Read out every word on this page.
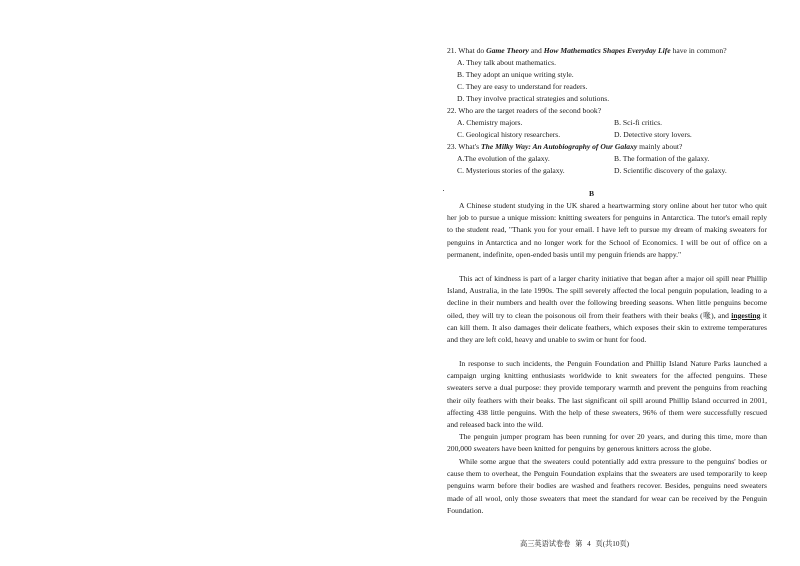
21. What do Game Theory and How Mathematics Shapes Everyday Life have in common?
A. They talk about mathematics.
B. They adopt an unique writing style.
C. They are easy to understand for readers.
D. They involve practical strategies and solutions.
22. Who are the target readers of the second book?
A. Chemistry majors.	B. Sci-fi critics.
C. Geological history researchers.	D. Detective story lovers.
23. What's The Milky Way: An Autobiography of Our Galaxy mainly about?
A.The evolution of the galaxy.	B. The formation of the galaxy.
C. Mysterious stories of the galaxy.	D. Scientific discovery of the galaxy.
B

A Chinese student studying in the UK shared a heartwarming story online about her tutor who quit her job to pursue a unique mission: knitting sweaters for penguins in Antarctica. The tutor's email reply to the student read, "Thank you for your email. I have left to pursue my dream of making sweaters for penguins in Antarctica and no longer work for the School of Economics. I will be out of office on a permanent, indefinite, open-ended basis until my penguin friends are happy."

This act of kindness is part of a larger charity initiative that began after a major oil spill near Phillip Island, Australia, in the late 1990s. The spill severely affected the local penguin population, leading to a decline in their numbers and health over the following breeding seasons. When little penguins become oiled, they will try to clean the poisonous oil from their feathers with their beaks (喙), and ingesting it can kill them. It also damages their delicate feathers, which exposes their skin to extreme temperatures and they are left cold, heavy and unable to swim or hunt for food.

In response to such incidents, the Penguin Foundation and Phillip Island Nature Parks launched a campaign urging knitting enthusiasts worldwide to knit sweaters for the affected penguins. These sweaters serve a dual purpose: they provide temporary warmth and prevent the penguins from reaching their oily feathers with their beaks. The last significant oil spill around Phillip Island occurred in 2001, affecting 438 little penguins. With the help of these sweaters, 96% of them were successfully rescued and released back into the wild.

The penguin jumper program has been running for over 20 years, and during this time, more than 200,000 sweaters have been knitted for penguins by generous knitters across the globe.

While some argue that the sweaters could potentially add extra pressure to the penguins' bodies or cause them to overheat, the Penguin Foundation explains that the sweaters are used temporarily to keep penguins warm before their bodies are washed and feathers recover. Besides, penguins need sweaters made of all wool, only those sweaters that meet the standard for wear can be received by the Penguin Foundation.

高三英语试卷卷 第 4 页(共10页)
